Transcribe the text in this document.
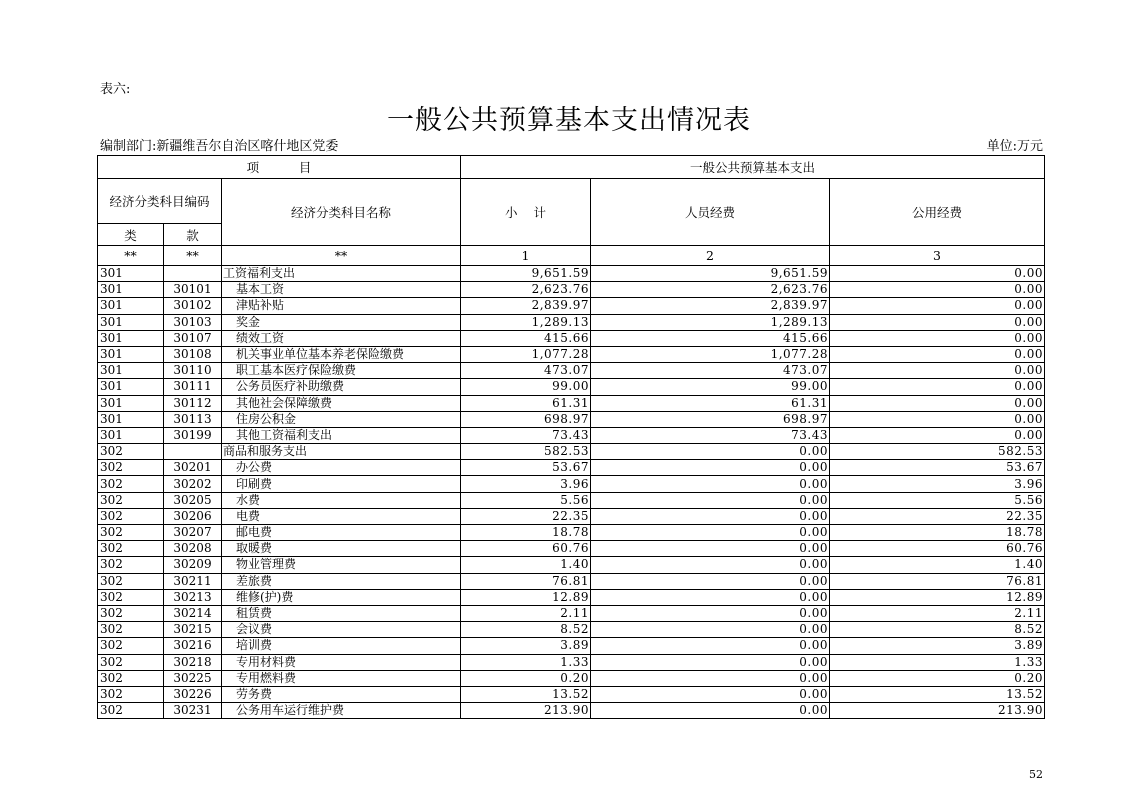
表六:
一般公共预算基本支出情况表
编制部门:新疆维吾尔自治区喀什地区党委	单位:万元
项          目			一般公共预算基本支出		
经济分类科目编码		经济分类科目名称	小    计	人员经费	公用经费
类	款				
**	**	**	1	2	3
301		工资福利支出	9,651.59	9,651.59	0.00
301	30101	基本工资	2,623.76	2,623.76	0.00
301	30102	津贴补贴	2,839.97	2,839.97	0.00
301	30103	奖金	1,289.13	1,289.13	0.00
301	30107	绩效工资	415.66	415.66	0.00
301	30108	机关事业单位基本养老保险缴费	1,077.28	1,077.28	0.00
301	30110	职工基本医疗保险缴费	473.07	473.07	0.00
301	30111	公务员医疗补助缴费	99.00	99.00	0.00
301	30112	其他社会保障缴费	61.31	61.31	0.00
301	30113	住房公积金	698.97	698.97	0.00
301	30199	其他工资福利支出	73.43	73.43	0.00
302		商品和服务支出	582.53	0.00	582.53
302	30201	办公费	53.67	0.00	53.67
302	30202	印刷费	3.96	0.00	3.96
302	30205	水费	5.56	0.00	5.56
302	30206	电费	22.35	0.00	22.35
302	30207	邮电费	18.78	0.00	18.78
302	30208	取暖费	60.76	0.00	60.76
302	30209	物业管理费	1.40	0.00	1.40
302	30211	差旅费	76.81	0.00	76.81
302	30213	维修(护)费	12.89	0.00	12.89
302	30214	租赁费	2.11	0.00	2.11
302	30215	会议费	8.52	0.00	8.52
302	30216	培训费	3.89	0.00	3.89
302	30218	专用材料费	1.33	0.00	1.33
302	30225	专用燃料费	0.20	0.00	0.20
302	30226	劳务费	13.52	0.00	13.52
302	30231	公务用车运行维护费	213.90	0.00	213.90
52
